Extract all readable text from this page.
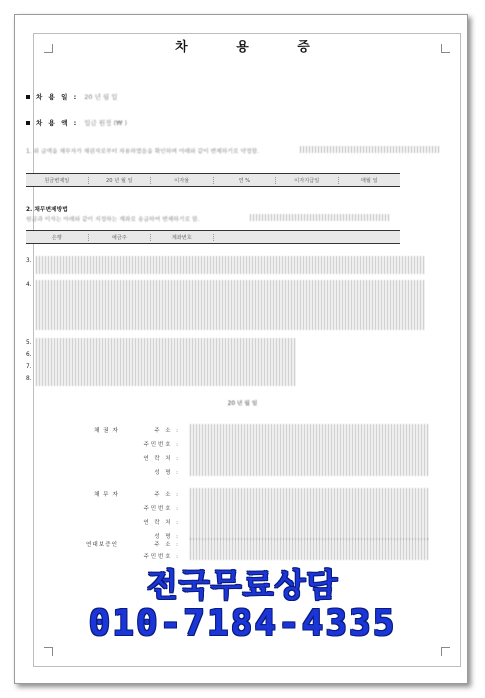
차 용 증
차 용 일 : 20 년 월 일
차 용 액 : 일금 원정 (₩ )
1. 위 금액을 채무자가 채권자로부터 차용하였음을 확인하며 아래와 같이 변제하기로 약정함.
원금변제일	20 년 월 일	이자율	연 %	이자지급일	매월 일
2. 채무변제방법
원금과 이자는 아래와 같이 지정하는 계좌로 송금하여 변제하기로 함.
은행	예금주	계좌번호
3.
4.
5.
6.
7.
8.
20 년 월 일
채 권 자	주 소 :
주민번호 :
연 락 처 :
성 명 :
채 무 자	주 소 :
주민번호 :
연 락 처 :
성 명 :
연대보증인	주 소 :
주민번호 :
전국무료상담
010-7184-4335
